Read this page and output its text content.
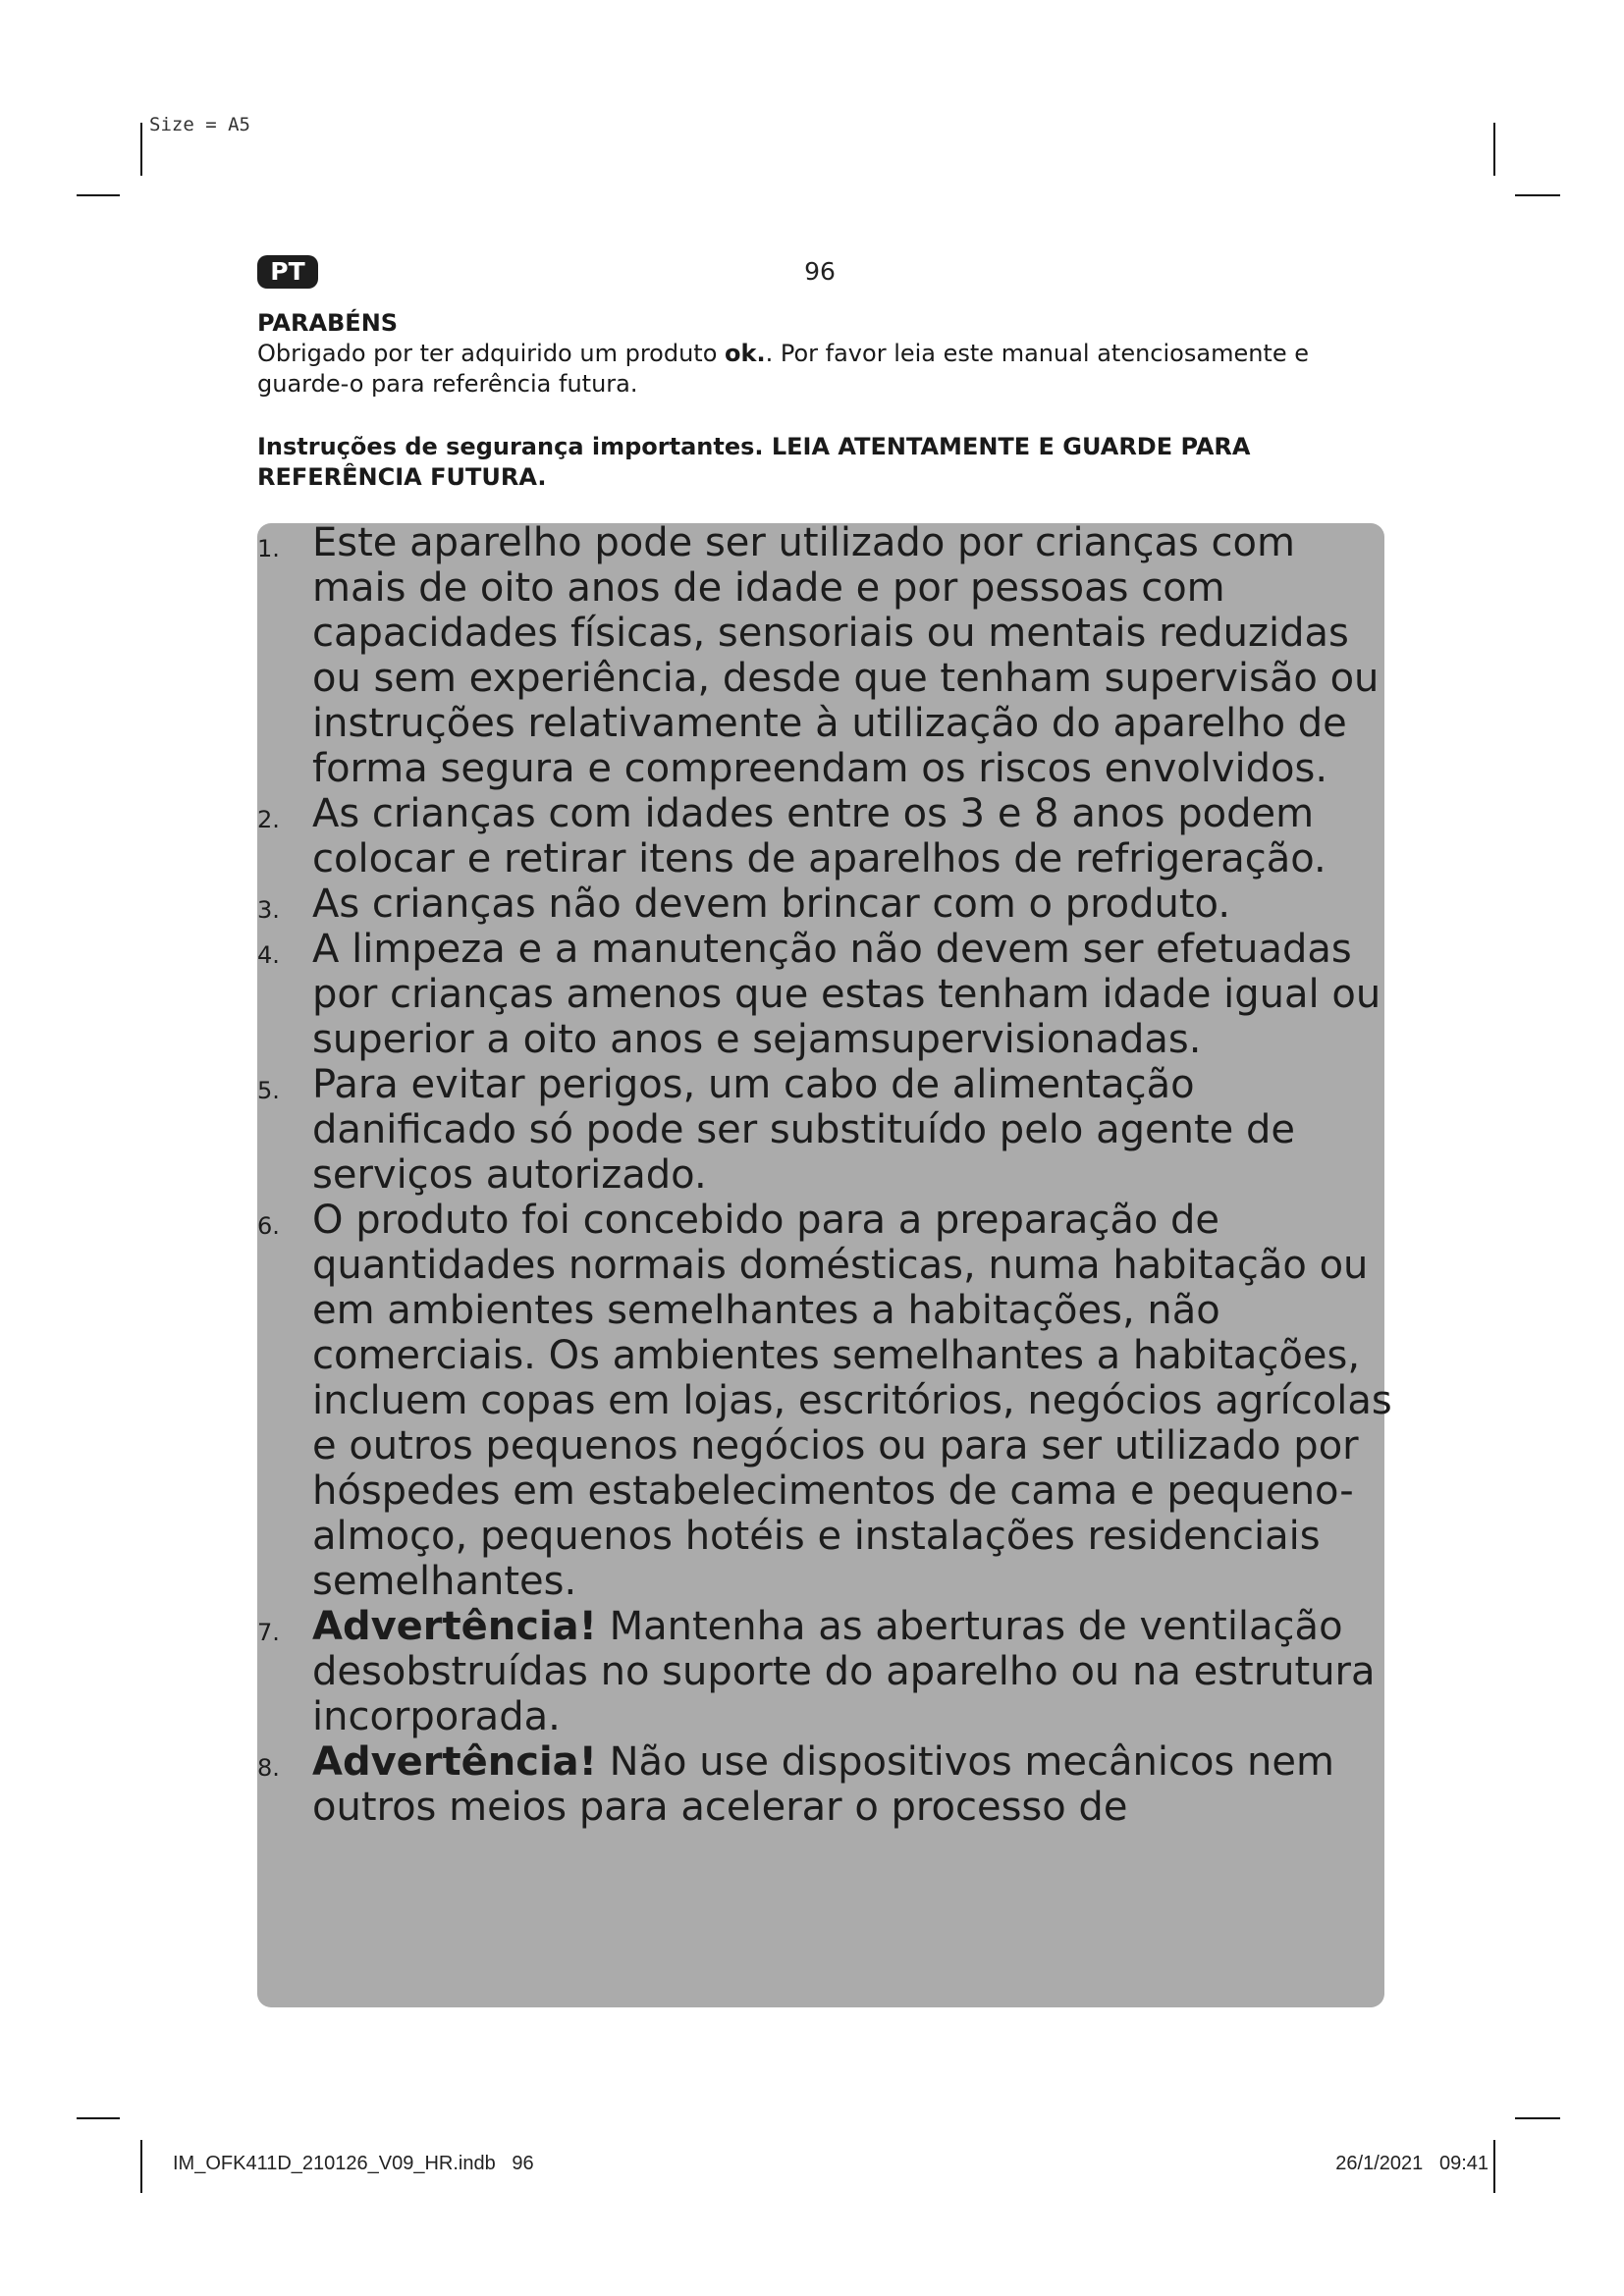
Size = A5
PT	96
PARABÉNS
Obrigado por ter adquirido um produto ok.. Por favor leia este manual atenciosamente e guarde-o para referência futura.
Instruções de segurança importantes. LEIA ATENTAMENTE E GUARDE PARA REFERÊNCIA FUTURA.
1. Este aparelho pode ser utilizado por crianças com mais de oito anos de idade e por pessoas com capacidades físicas, sensoriais ou mentais reduzidas ou sem experiência, desde que tenham supervisão ou instruções relativamente à utilização do aparelho de forma segura e compreendam os riscos envolvidos.
2. As crianças com idades entre os 3 e 8 anos podem colocar e retirar itens de aparelhos de refrigeração.
3. As crianças não devem brincar com o produto.
4. A limpeza e a manutenção não devem ser efetuadas por crianças amenos que estas tenham idade igual ou superior a oito anos e sejamsupervisionadas.
5. Para evitar perigos, um cabo de alimentação danificado só pode ser substituído pelo agente de serviços autorizado.
6. O produto foi concebido para a preparação de quantidades normais domésticas, numa habitação ou em ambientes semelhantes a habitações, não comerciais. Os ambientes semelhantes a habitações, incluem copas em lojas, escritórios, negócios agrícolas e outros pequenos negócios ou para ser utilizado por hóspedes em estabelecimentos de cama e pequeno-almoço, pequenos hotéis e instalações residenciais semelhantes.
7. Advertência! Mantenha as aberturas de ventilação desobstruídas no suporte do aparelho ou na estrutura incorporada.
8. Advertência! Não use dispositivos mecânicos nem outros meios para acelerar o processo de
IM_OFK411D_210126_V09_HR.indb   96	26/1/2021   09:41
